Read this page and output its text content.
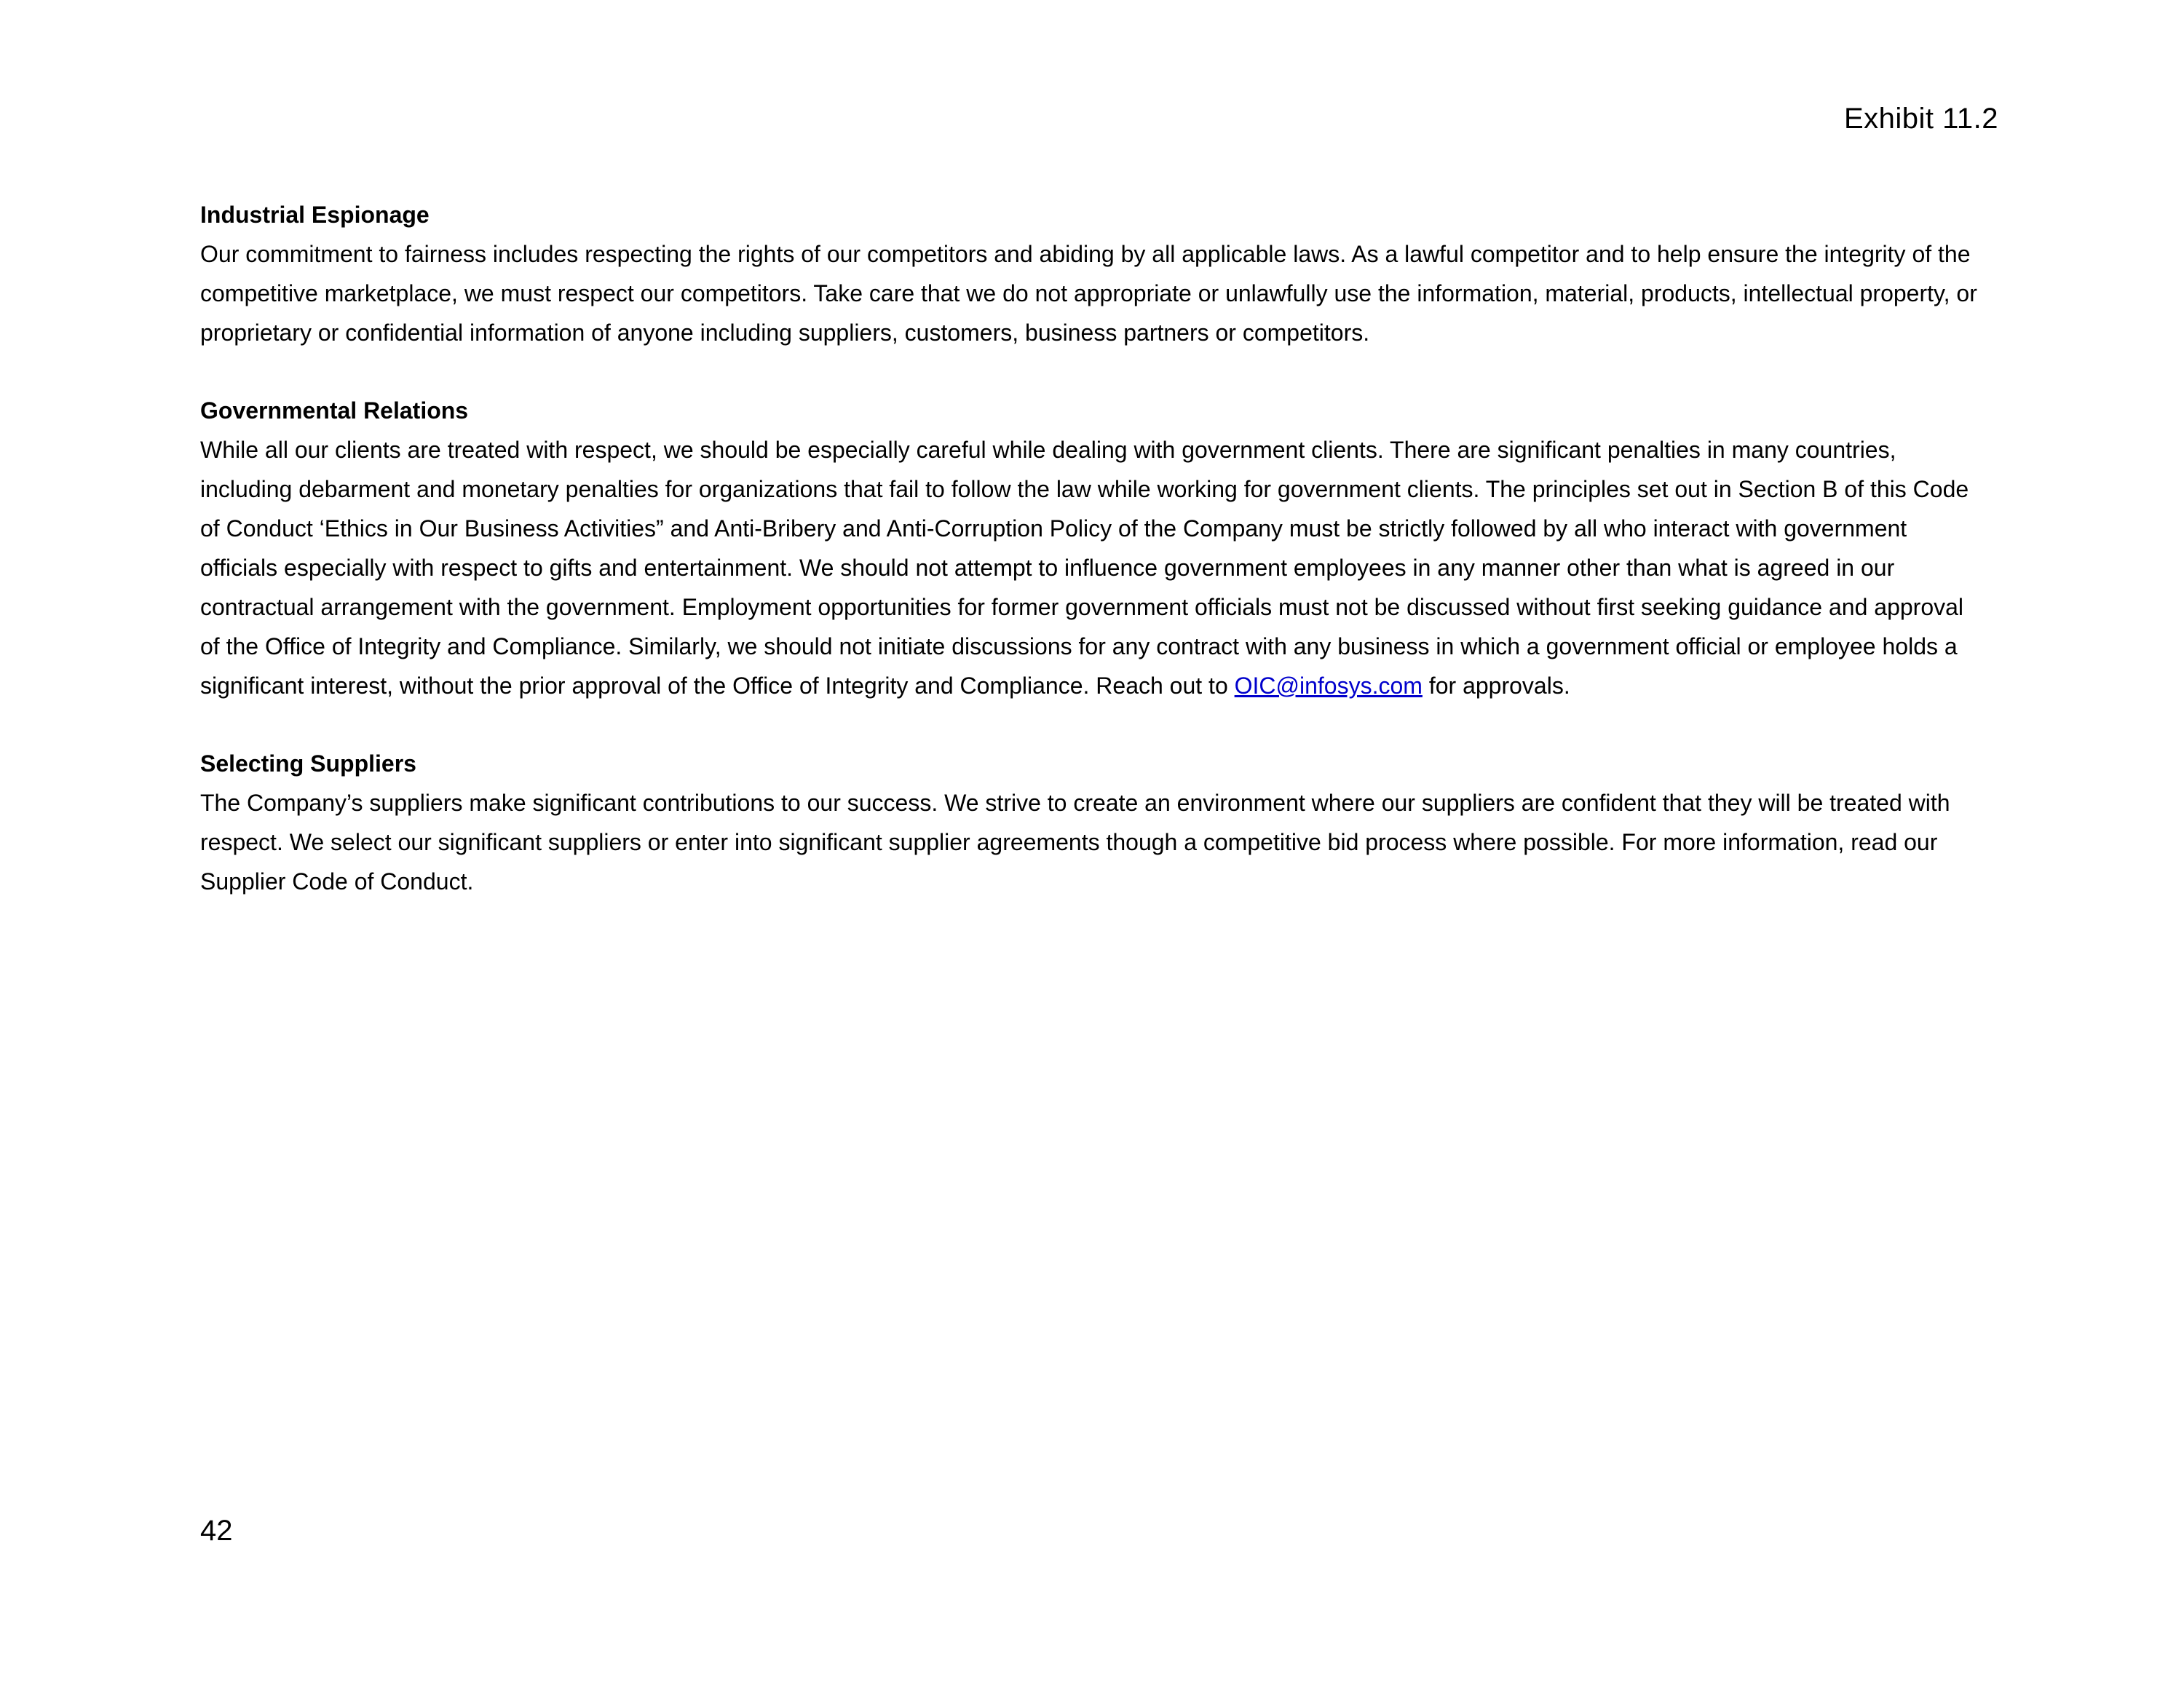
Exhibit 11.2

Industrial Espionage

Our commitment to fairness includes respecting the rights of our competitors and abiding by all applicable laws. As a lawful competitor and to help ensure the integrity of the competitive marketplace, we must respect our competitors. Take care that we do not appropriate or unlawfully use the information, material, products, intellectual property, or proprietary or confidential information of anyone including suppliers, customers, business partners or competitors.

Governmental Relations

While all our clients are treated with respect, we should be especially careful while dealing with government clients. There are significant penalties in many countries, including debarment and monetary penalties for organizations that fail to follow the law while working for government clients. The principles set out in Section B of this Code of Conduct ‘Ethics in Our Business Activities” and Anti-Bribery and Anti-Corruption Policy of the Company must be strictly followed by all who interact with government officials especially with respect to gifts and entertainment. We should not attempt to influence government employees in any manner other than what is agreed in our contractual arrangement with the government. Employment opportunities for former government officials must not be discussed without first seeking guidance and approval of the Office of Integrity and Compliance. Similarly, we should not initiate discussions for any contract with any business in which a government official or employee holds a significant interest, without the prior approval of the Office of Integrity and Compliance. Reach out to OIC@infosys.com for approvals.

Selecting Suppliers

The Company’s suppliers make significant contributions to our success. We strive to create an environment where our suppliers are confident that they will be treated with respect. We select our significant suppliers or enter into significant supplier agreements though a competitive bid process where possible. For more information, read our Supplier Code of Conduct.

42
